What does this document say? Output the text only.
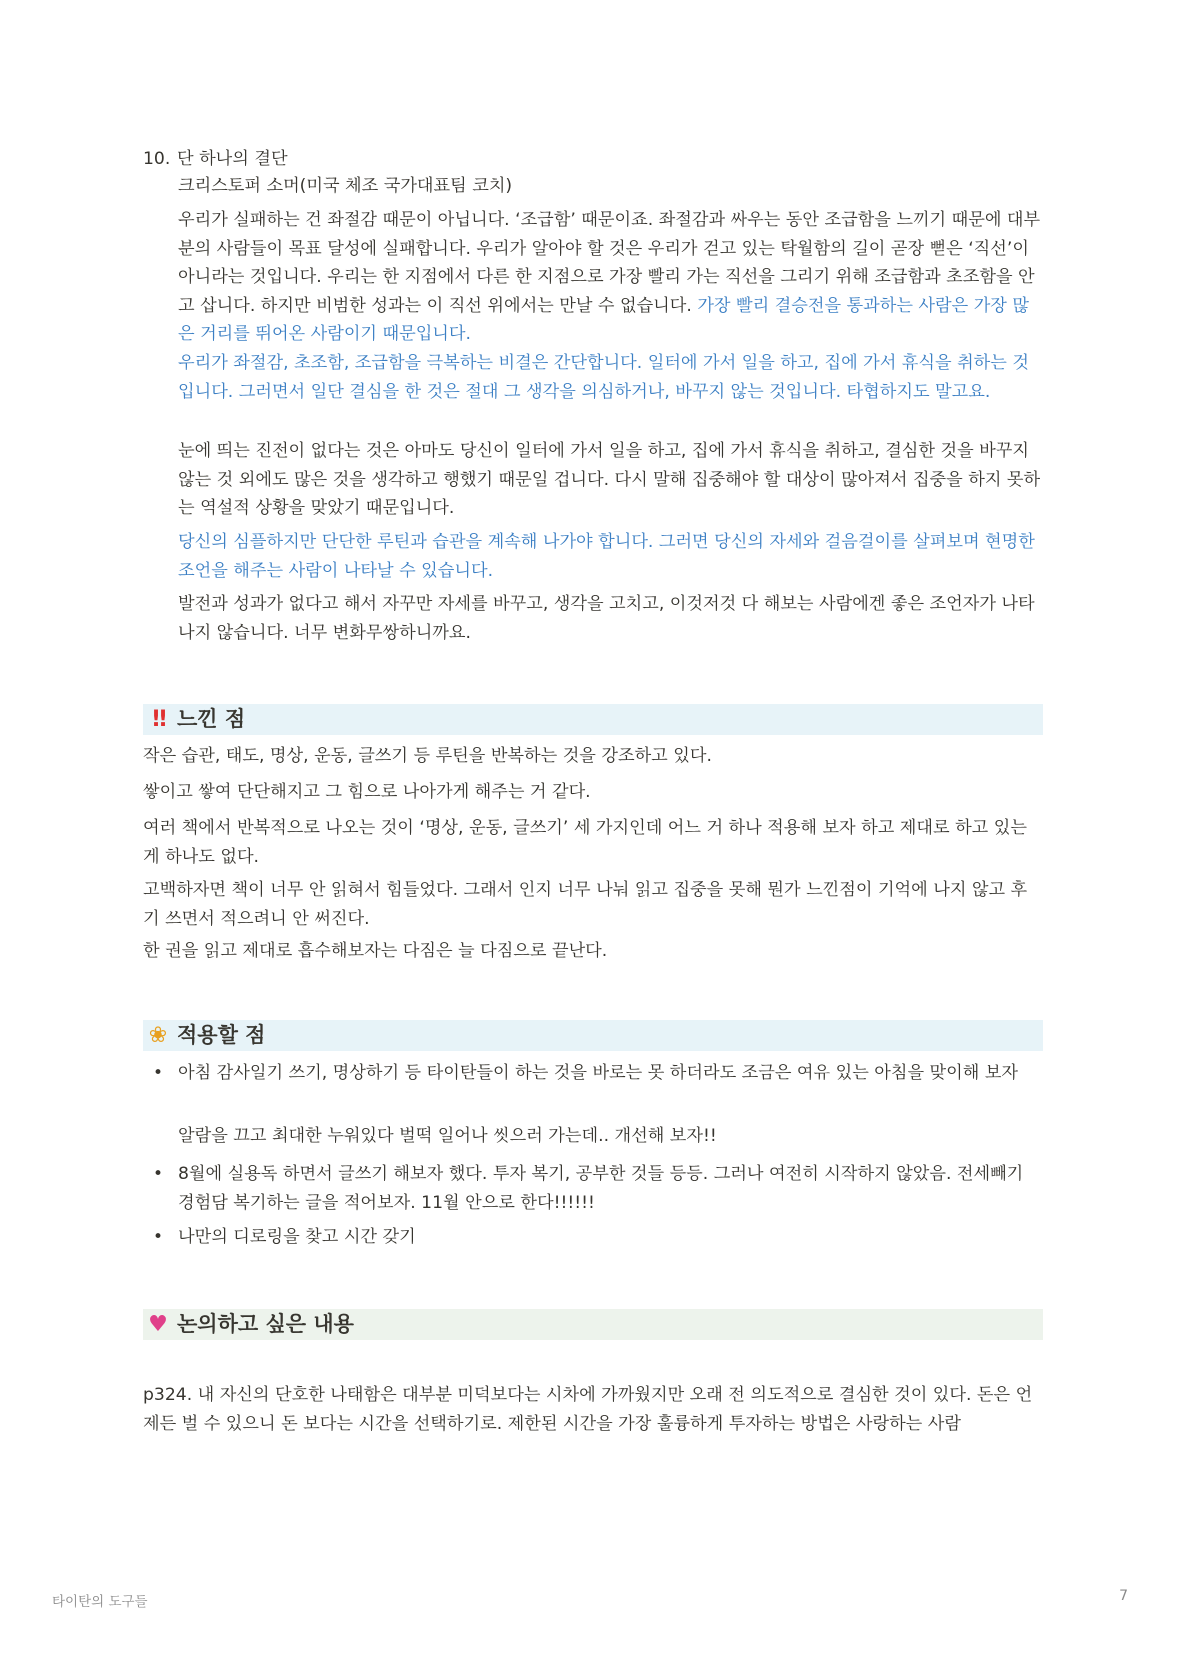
10. 단 하나의 결단

크리스토퍼 소머(미국 체조 국가대표팀 코치)

우리가 실패하는 건 좌절감 때문이 아닙니다. ‘조급함’ 때문이죠. 좌절감과 싸우는 동안 조급함을 느끼기 때문에 대부분의 사람들이 목표 달성에 실패합니다. 우리가 알아야 할 것은 우리가 걷고 있는 탁월함의 길이 곧장 뻗은 ‘직선’이 아니라는 것입니다. 우리는 한 지점에서 다른 한 지점으로 가장 빨리 가는 직선을 그리기 위해 조급함과 초조함을 안고 삽니다. 하지만 비범한 성과는 이 직선 위에서는 만날 수 없습니다. 가장 빨리 결승전을 통과하는 사람은 가장 많은 거리를 뛰어온 사람이기 때문입니다.

우리가 좌절감, 초조함, 조급함을 극복하는 비결은 간단합니다. 일터에 가서 일을 하고, 집에 가서 휴식을 취하는 것입니다. 그러면서 일단 결심을 한 것은 절대 그 생각을 의심하거나, 바꾸지 않는 것입니다. 타협하지도 말고요.

눈에 띄는 진전이 없다는 것은 아마도 당신이 일터에 가서 일을 하고, 집에 가서 휴식을 취하고, 결심한 것을 바꾸지 않는 것 외에도 많은 것을 생각하고 행했기 때문일 겁니다. 다시 말해 집중해야 할 대상이 많아져서 집중을 하지 못하는 역설적 상황을 맞았기 때문입니다.

당신의 심플하지만 단단한 루틴과 습관을 계속해 나가야 합니다. 그러면 당신의 자세와 걸음걸이를 살펴보며 현명한 조언을 해주는 사람이 나타날 수 있습니다.

발전과 성과가 없다고 해서 자꾸만 자세를 바꾸고, 생각을 고치고, 이것저것 다 해보는 사람에겐 좋은 조언자가 나타나지 않습니다. 너무 변화무쌍하니까요.

!! 느낀 점

작은 습관, 태도, 명상, 운동, 글쓰기 등 루틴을 반복하는 것을 강조하고 있다.

쌓이고 쌓여 단단해지고 그 힘으로 나아가게 해주는 거 같다.

여러 책에서 반복적으로 나오는 것이 ‘명상, 운동, 글쓰기’ 세 가지인데 어느 거 하나 적용해 보자 하고 제대로 하고 있는 게 하나도 없다.

고백하자면 책이 너무 안 읽혀서 힘들었다. 그래서 인지 너무 나눠 읽고 집중을 못해 뭔가 느낀점이 기억에 나지 않고 후기 쓰면서 적으려니 안 써진다.

한 권을 읽고 제대로 흡수해보자는 다짐은 늘 다짐으로 끝난다.

❀ 적용할 점
• 아침 감사일기 쓰기, 명상하기 등 타이탄들이 하는 것을 바로는 못 하더라도 조금은 여유 있는 아침을 맞이해 보자

알람을 끄고 최대한 누워있다 벌떡 일어나 씻으러 가는데.. 개선해 보자!!

• 8월에 실용독 하면서 글쓰기 해보자 했다. 투자 복기, 공부한 것들 등등. 그러나 여전히 시작하지 않았음. 전세빼기 경험담 복기하는 글을 적어보자. 11월 안으로 한다!!!!!!

• 나만의 디로링을 찾고 시간 갖기

♥ 논의하고 싶은 내용

p324. 내 자신의 단호한 나태함은 대부분 미덕보다는 시차에 가까웠지만 오래 전 의도적으로 결심한 것이 있다. 돈은 언제든 벌 수 있으니 돈 보다는 시간을 선택하기로. 제한된 시간을 가장 훌륭하게 투자하는 방법은 사랑하는 사람

타이탄의 도구들	7
